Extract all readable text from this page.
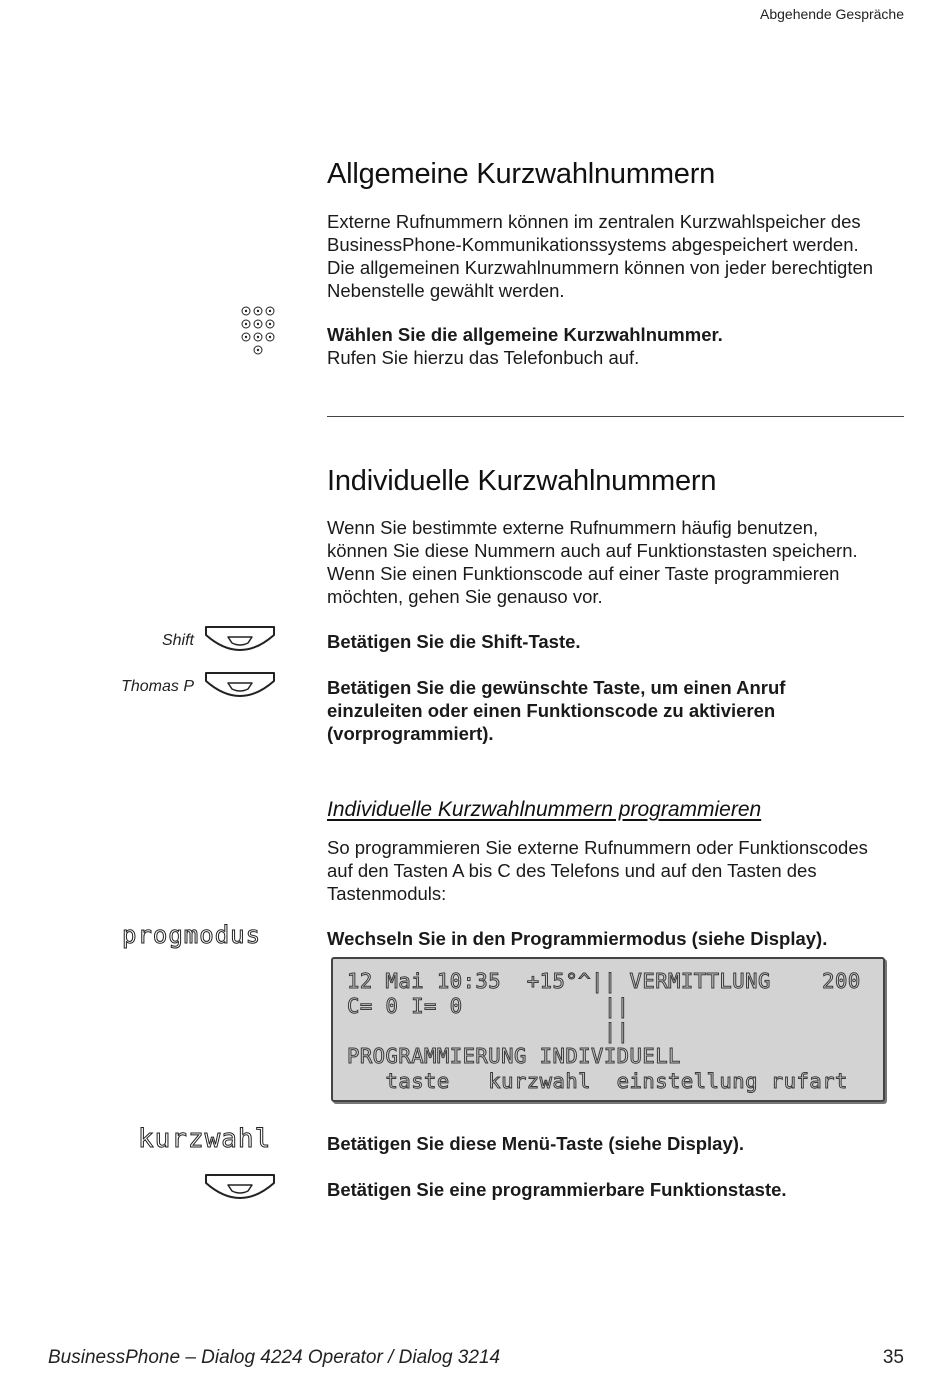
Abgehende Gespräche
Allgemeine Kurzwahlnummern
Externe Rufnummern können im zentralen Kurzwahlspeicher des
BusinessPhone-Kommunikationssystems abgespeichert werden.
Die allgemeinen Kurzwahlnummern können von jeder berechtigten
Nebenstelle gewählt werden.
Wählen Sie die allgemeine Kurzwahlnummer.
Rufen Sie hierzu das Telefonbuch auf.
Individuelle Kurzwahlnummern
Wenn Sie bestimmte externe Rufnummern häufig benutzen,
können Sie diese Nummern auch auf Funktionstasten speichern.
Wenn Sie einen Funktionscode auf einer Taste programmieren
möchten, gehen Sie genauso vor.
Shift	Betätigen Sie die Shift-Taste.
Thomas P	Betätigen Sie die gewünschte Taste, um einen Anruf
einzuleiten oder einen Funktionscode zu aktivieren
(vorprogrammiert).
Individuelle Kurzwahlnummern programmieren
So programmieren Sie externe Rufnummern oder Funktionscodes
auf den Tasten A bis C des Telefons und auf den Tasten des
Tastenmoduls:
progmodus	Wechseln Sie in den Programmiermodus (siehe Display).
12 Mai 10:35  +15°^|| VERMITTLUNG    200
C= 0 I= 0           ||
||
PROGRAMMIERUNG INDIVIDUELL
taste   kurzwahl  einstellung rufart
kurzwahl	Betätigen Sie diese Menü-Taste (siehe Display).
Betätigen Sie eine programmierbare Funktionstaste.
BusinessPhone – Dialog 4224 Operator / Dialog 3214	35
